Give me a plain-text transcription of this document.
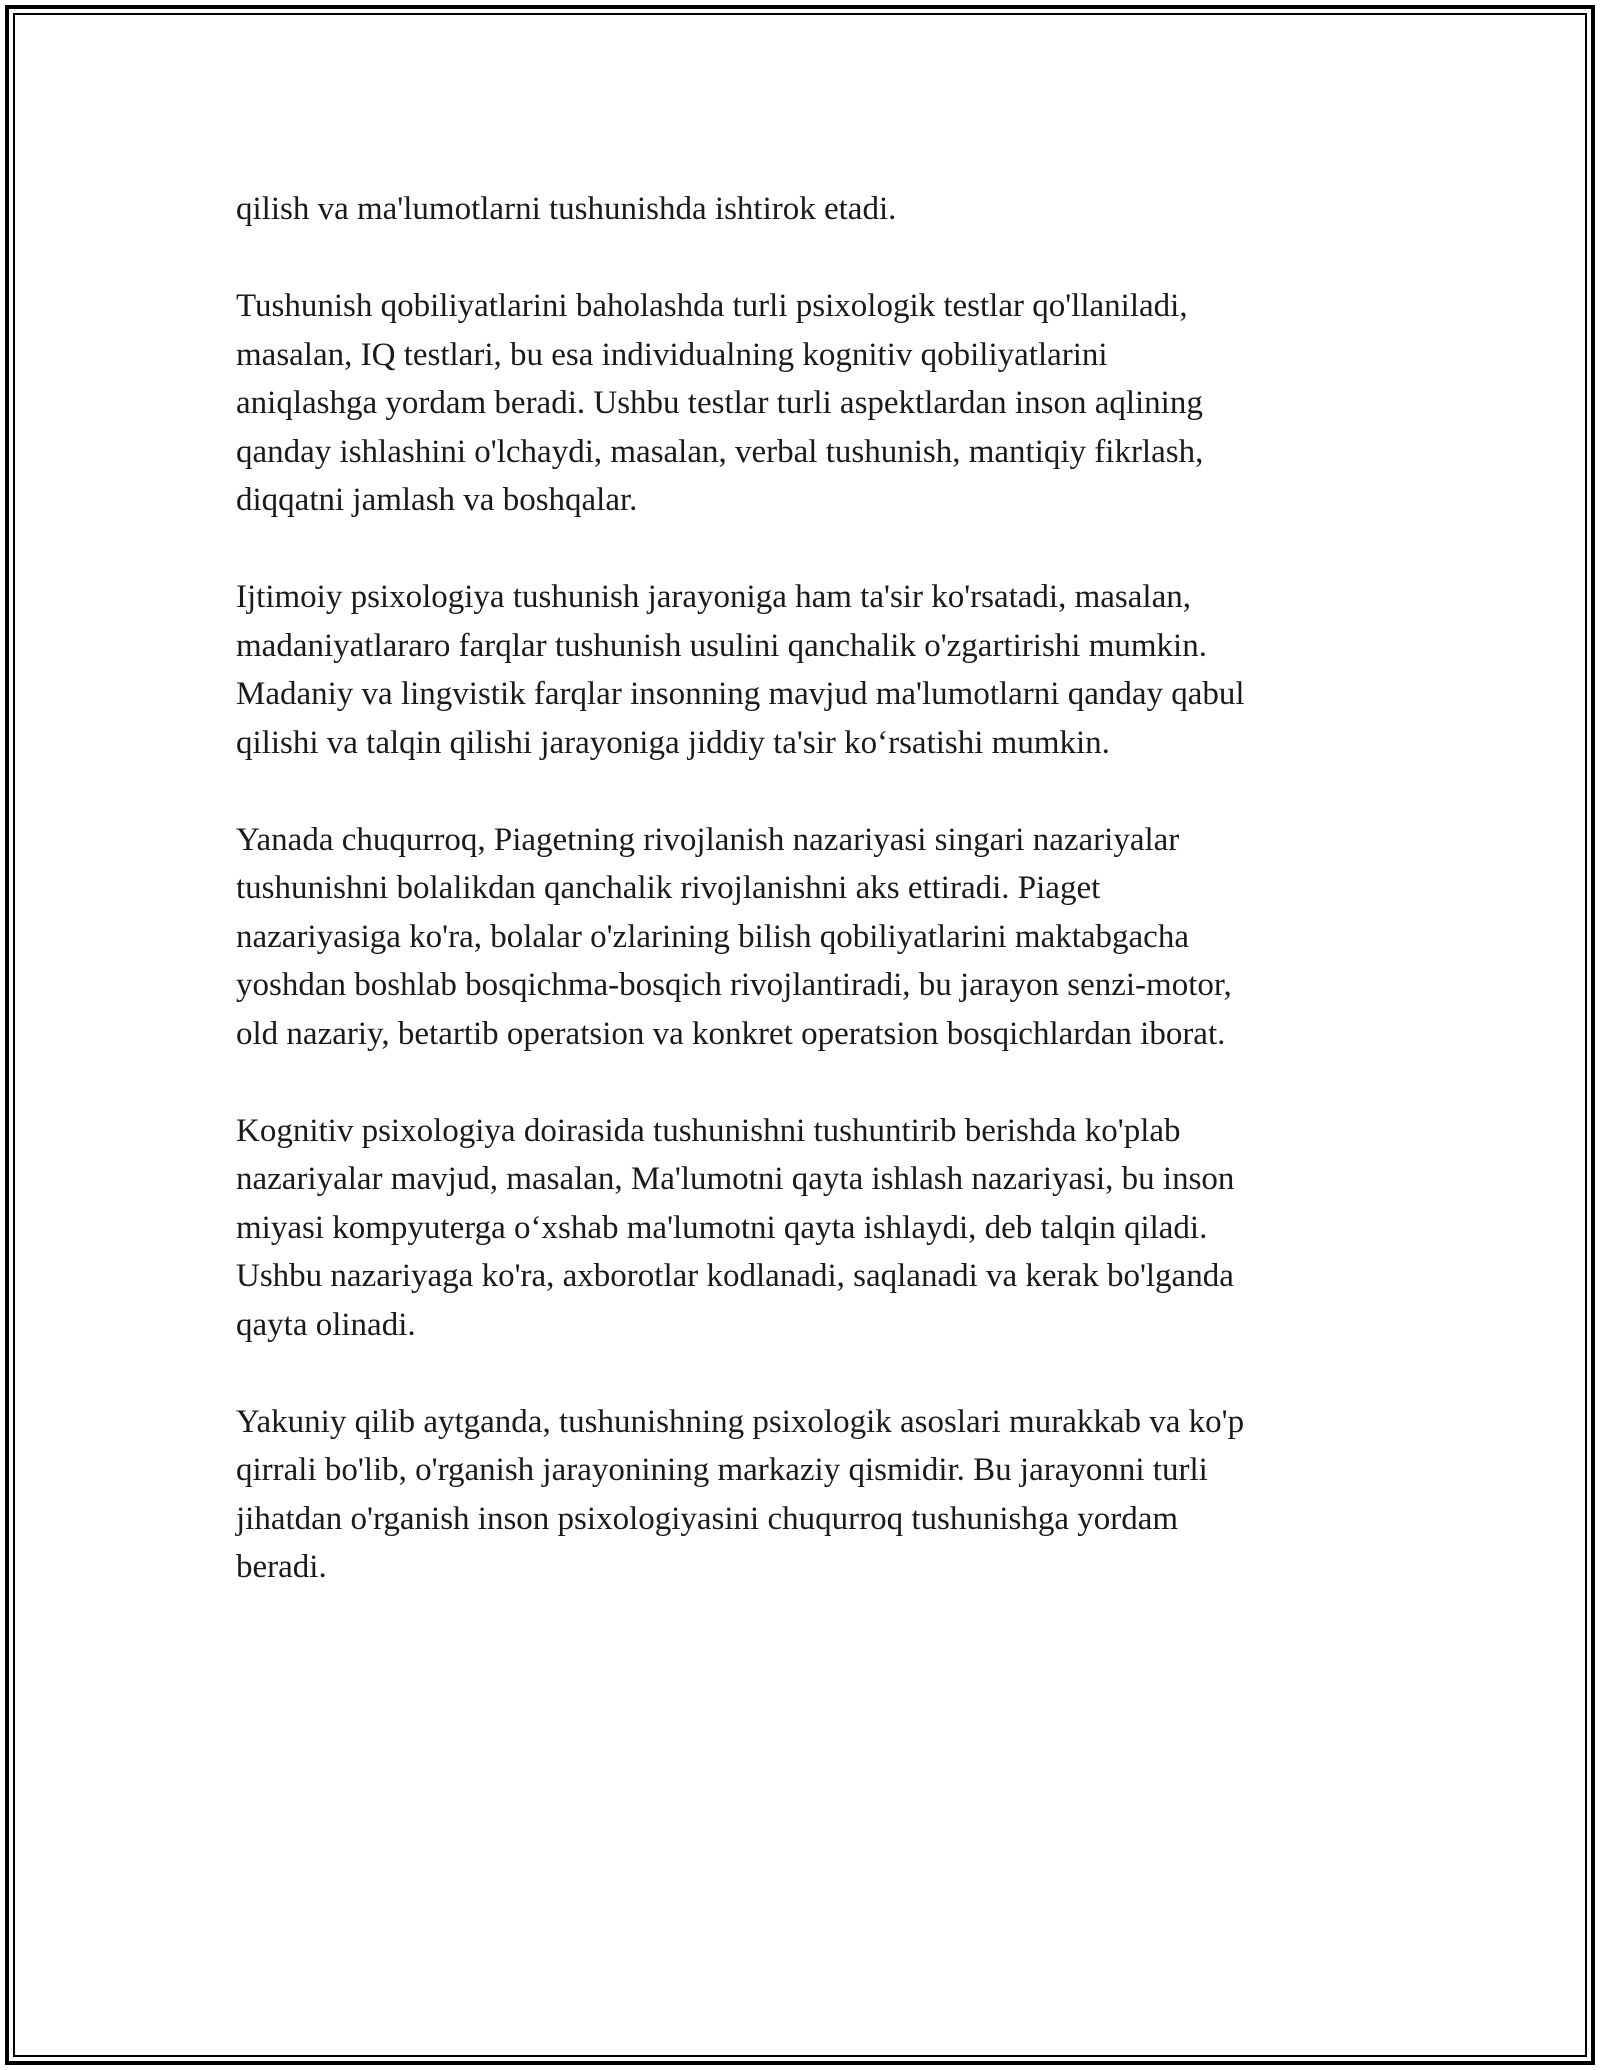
qilish va ma'lumotlarni tushunishda ishtirok etadi.

Tushunish qobiliyatlarini baholashda turli psixologik testlar qo'llaniladi,
masalan, IQ testlari, bu esa individualning kognitiv qobiliyatlarini
aniqlashga yordam beradi. Ushbu testlar turli aspektlardan inson aqlining
qanday ishlashini o'lchaydi, masalan, verbal tushunish, mantiqiy fikrlash,
diqqatni jamlash va boshqalar.

Ijtimoiy psixologiya tushunish jarayoniga ham ta'sir ko'rsatadi, masalan,
madaniyatlararo farqlar tushunish usulini qanchalik o'zgartirishi mumkin.
Madaniy va lingvistik farqlar insonning mavjud ma'lumotlarni qanday qabul
qilishi va talqin qilishi jarayoniga jiddiy ta'sir ko‘rsatishi mumkin.

Yanada chuqurroq, Piagetning rivojlanish nazariyasi singari nazariyalar
tushunishni bolalikdan qanchalik rivojlanishni aks ettiradi. Piaget
nazariyasiga ko'ra, bolalar o'zlarining bilish qobiliyatlarini maktabgacha
yoshdan boshlab bosqichma-bosqich rivojlantiradi, bu jarayon senzi-motor,
old nazariy, betartib operatsion va konkret operatsion bosqichlardan iborat.

Kognitiv psixologiya doirasida tushunishni tushuntirib berishda ko'plab
nazariyalar mavjud, masalan, Ma'lumotni qayta ishlash nazariyasi, bu inson
miyasi kompyuterga o‘xshab ma'lumotni qayta ishlaydi, deb talqin qiladi.
Ushbu nazariyaga ko'ra, axborotlar kodlanadi, saqlanadi va kerak bo'lganda
qayta olinadi.

Yakuniy qilib aytganda, tushunishning psixologik asoslari murakkab va ko'p
qirrali bo'lib, o'rganish jarayonining markaziy qismidir. Bu jarayonni turli
jihatdan o'rganish inson psixologiyasini chuqurroq tushunishga yordam
beradi.
